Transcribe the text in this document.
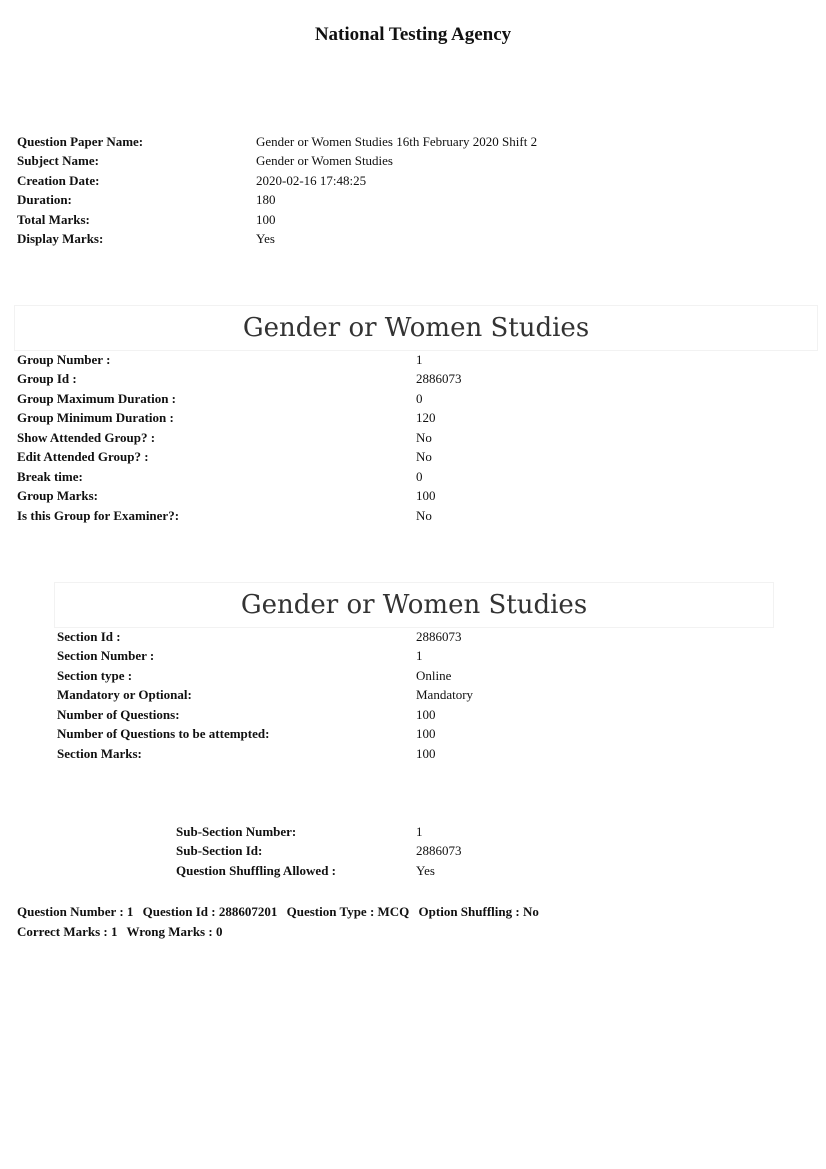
National Testing Agency
Question Paper Name:	Gender or Women Studies 16th February 2020 Shift 2
Subject Name:	Gender or Women Studies
Creation Date:	2020-02-16 17:48:25
Duration:	180
Total Marks:	100
Display Marks:	Yes
Gender or Women Studies
Group Number :	1
Group Id :	2886073
Group Maximum Duration :	0
Group Minimum Duration :	120
Show Attended Group? :	No
Edit Attended Group? :	No
Break time:	0
Group Marks:	100
Is this Group for Examiner?:	No
Gender or Women Studies
Section Id :	2886073
Section Number :	1
Section type :	Online
Mandatory or Optional:	Mandatory
Number of Questions:	100
Number of Questions to be attempted:	100
Section Marks:	100
Sub-Section Number:	1
Sub-Section Id:	2886073
Question Shuffling Allowed :	Yes
Question Number : 1 Question Id : 288607201 Question Type : MCQ Option Shuffling : No
Correct Marks : 1 Wrong Marks : 0
